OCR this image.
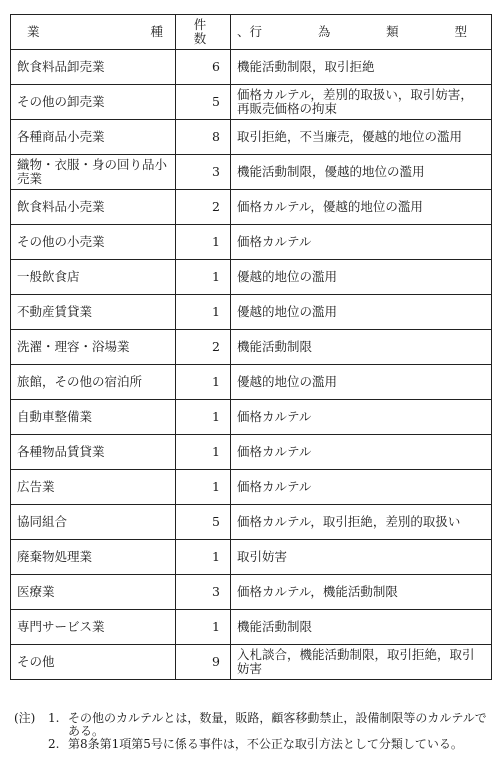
業 種	件数	、行 為 類 型

飲食料品卸売業	6	機能活動制限，取引拒絶
その他の卸売業	5	価格カルテル，差別的取扱い，取引妨害，再販売価格の拘束
各種商品小売業	8	取引拒絶，不当廉売，優越的地位の濫用
織物・衣服・身の回り品小売業	3	機能活動制限，優越的地位の濫用
飲食料品小売業	2	価格カルテル，優越的地位の濫用
その他の小売業	1	価格カルテル
一般飲食店	1	優越的地位の濫用
不動産賃貸業	1	優越的地位の濫用
洗濯・理容・浴場業	2	機能活動制限
旅館，その他の宿泊所	1	優越的地位の濫用
自動車整備業	1	価格カルテル
各種物品賃貸業	1	価格カルテル
広告業	1	価格カルテル
協同組合	5	価格カルテル，取引拒絶，差別的取扱い
廃棄物処理業	1	取引妨害
医療業	3	価格カルテル，機能活動制限
専門サービス業	1	機能活動制限
その他	9	入札談合，機能活動制限，取引拒絶，取引妨害
(注)	1. その他のカルテルとは，数量，販路，顧客移動禁止，設備制限等のカルテルである。
2. 第8条第1項第5号に係る事件は，不公正な取引方法として分類している。
